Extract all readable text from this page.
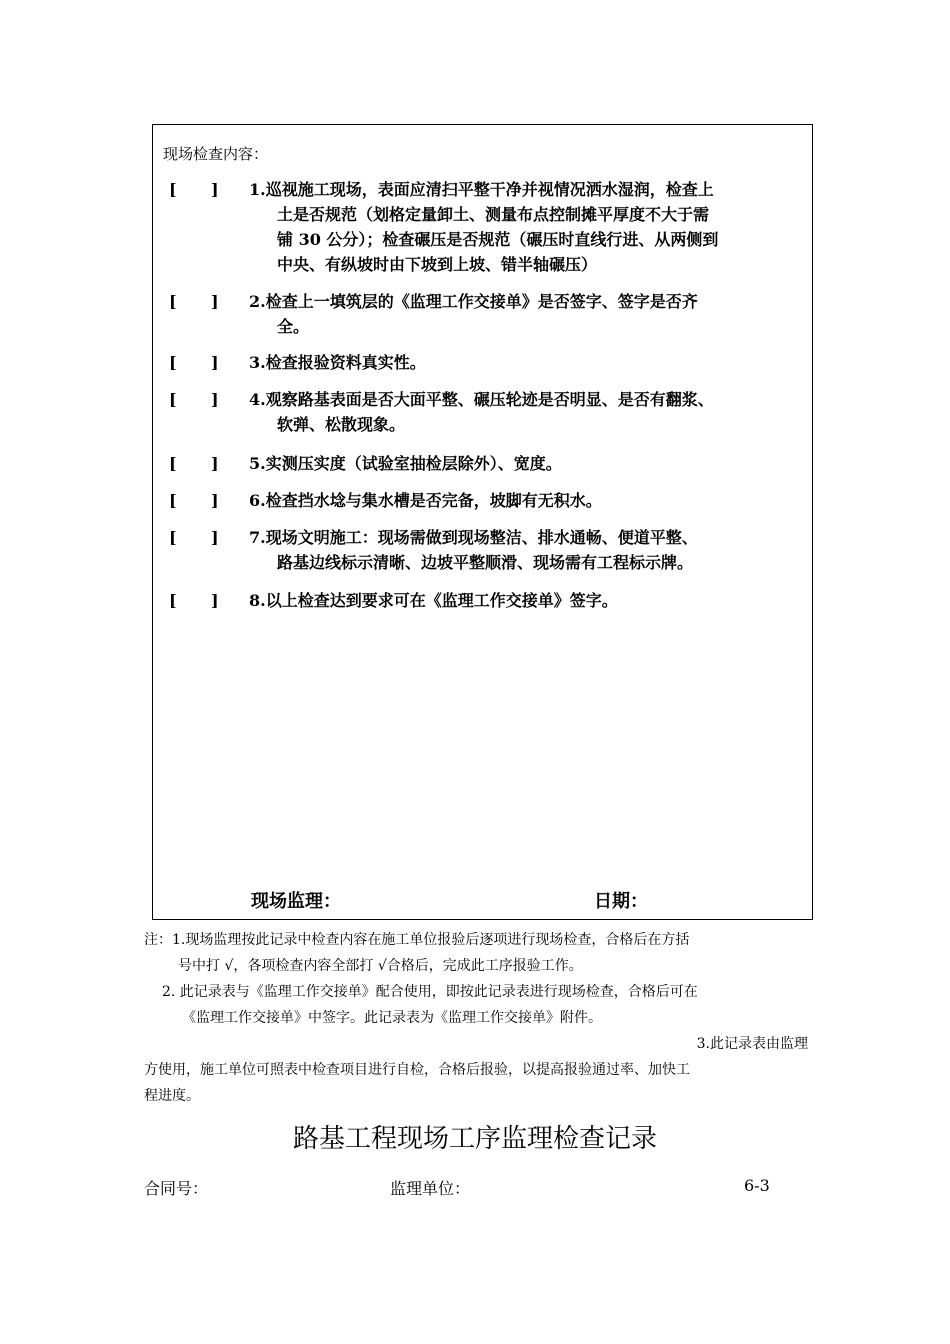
现场检查内容：
[ ] 1.巡视施工现场，表面应清扫平整干净并视情况洒水湿润，检查上
土是否规范（划格定量卸土、测量布点控制摊平厚度不大于需
铺 30 公分）；检查碾压是否规范（碾压时直线行进、从两侧到
中央、有纵坡时由下坡到上坡、错半轴碾压）
[ ] 2.检查上一填筑层的《监理工作交接单》是否签字、签字是否齐
全。
[ ] 3.检查报验资料真实性。
[ ] 4.观察路基表面是否大面平整、碾压轮迹是否明显、是否有翻浆、
软弹、松散现象。
[ ] 5.实测压实度（试验室抽检层除外）、宽度。
[ ] 6.检查挡水埝与集水槽是否完备，坡脚有无积水。
[ ] 7.现场文明施工：现场需做到现场整洁、排水通畅、便道平整、
路基边线标示清晰、边坡平整顺滑、现场需有工程标示牌。
[ ] 8.以上检查达到要求可在《监理工作交接单》签字。
现场监理：	日期：
注：1.现场监理按此记录中检查内容在施工单位报验后逐项进行现场检查，合格后在方括
号中打 √，各项检查内容全部打 √合格后，完成此工序报验工作。
2. 此记录表与《监理工作交接单》配合使用，即按此记录表进行现场检查，合格后可在
《监理工作交接单》中签字。此记录表为《监理工作交接单》附件。
3.此记录表由监理
方使用，施工单位可照表中检查项目进行自检，合格后报验，以提高报验通过率、加快工
程进度。
路基工程现场工序监理检查记录
合同号：	监理单位：	6-3
